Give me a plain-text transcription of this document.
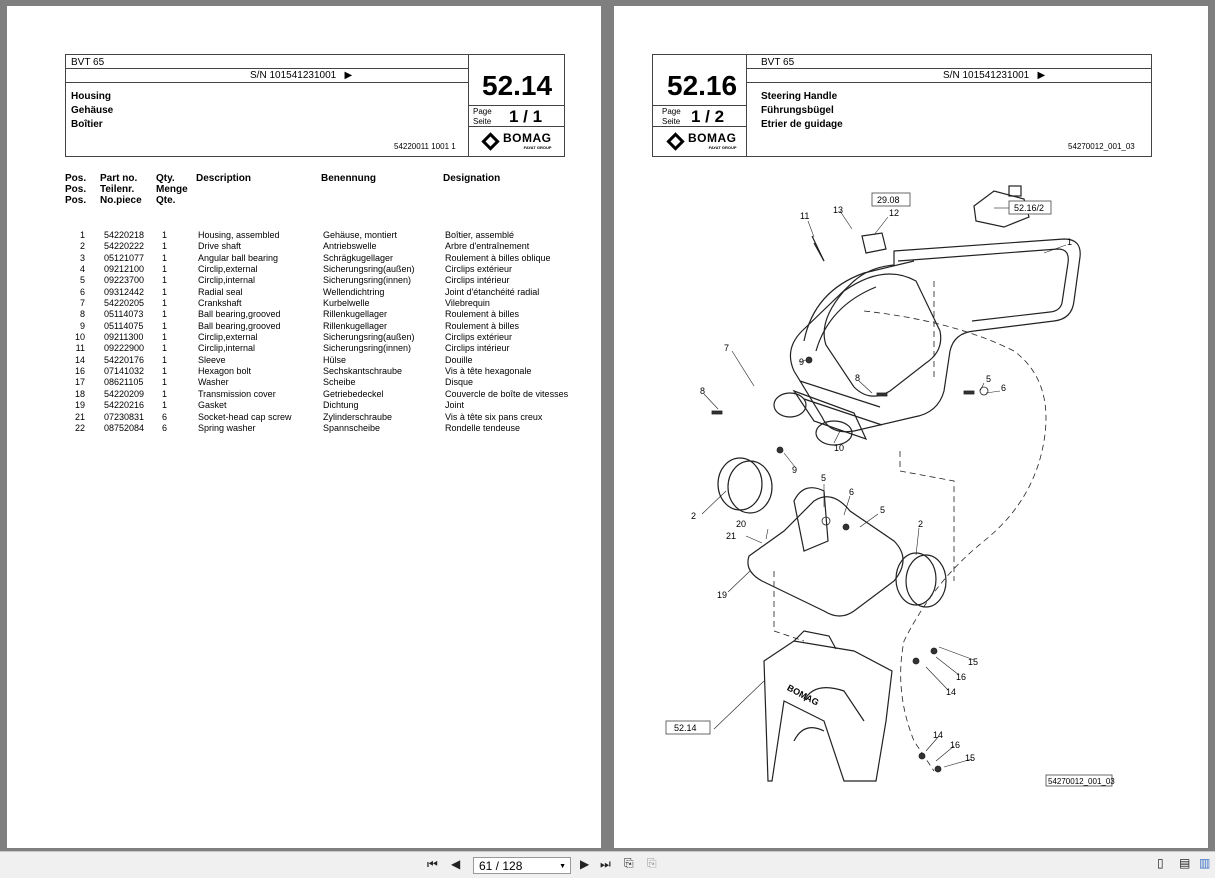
BVT 65
S/N 101541231001 ▶
Housing
Gehäuse
Boîtier
54220011 1001 1
52.14
Page
Seite 1 / 1
BOMAG
FAYAT GROUP
Pos.
Pos.
Pos.
Part no.
Teilenr.
No.piece
Qty.
Menge
Qte.
Description	Benennung	Designation
1 54220218 1	Housing, assembled	Gehäuse, montiert	Boîtier, assemblé
2 54220222 1	Drive shaft	Antriebswelle	Arbre d'entraînement
3 05121077 1	Angular ball bearing	Schrägkugellager	Roulement à billes oblique
4 09212100 1	Circlip,external	Sicherungsring(außen)	Circlips extérieur
5 09223700 1	Circlip,internal	Sicherungsring(innen)	Circlips intérieur
6 09312442 1	Radial seal	Wellendichtring	Joint d'étanchéité radial
7 54220205 1	Crankshaft	Kurbelwelle	Vilebrequin
8 05114073 1	Ball bearing,grooved	Rillenkugellager	Roulement à billes
9 05114075 1	Ball bearing,grooved	Rillenkugellager	Roulement à billes
10 09211300 1	Circlip,external	Sicherungsring(außen)	Circlips extérieur
11 09222900 1	Circlip,internal	Sicherungsring(innen)	Circlips intérieur
14 54220176 1	Sleeve	Hülse	Douille
16 07141032 1	Hexagon bolt	Sechskantschraube	Vis à tête hexagonale
17 08621105 1	Washer	Scheibe	Disque
18 54220209 1	Transmission cover	Getriebedeckel	Couvercle de boîte de vitesses
19 54220216 1	Gasket	Dichtung	Joint
21 07230831 6	Socket-head cap screw	Zylinderschraube	Vis à tête six pans creux
22 08752084 6	Spring washer	Spannscheibe	Rondelle tendeuse
BVT 65
S/N 101541231001 ▶
52.16
Page
Seite 1 / 2
BOMAG
FAYAT GROUP
Steering Handle
Führungsbügel
Etrier de guidage
54270012_001_03
29.08
52.16/2
52.14
54270012_001_03
BOMAG
1
2
2
5
5
5
6
6
7
8
8
9
9
10
11	12
13
14
14
15
15
16
16
19
20
21
⏮ ◀	61 / 128	▼ ▶ ⏭ ⎘ ⎘	▯ ▤ ▥
